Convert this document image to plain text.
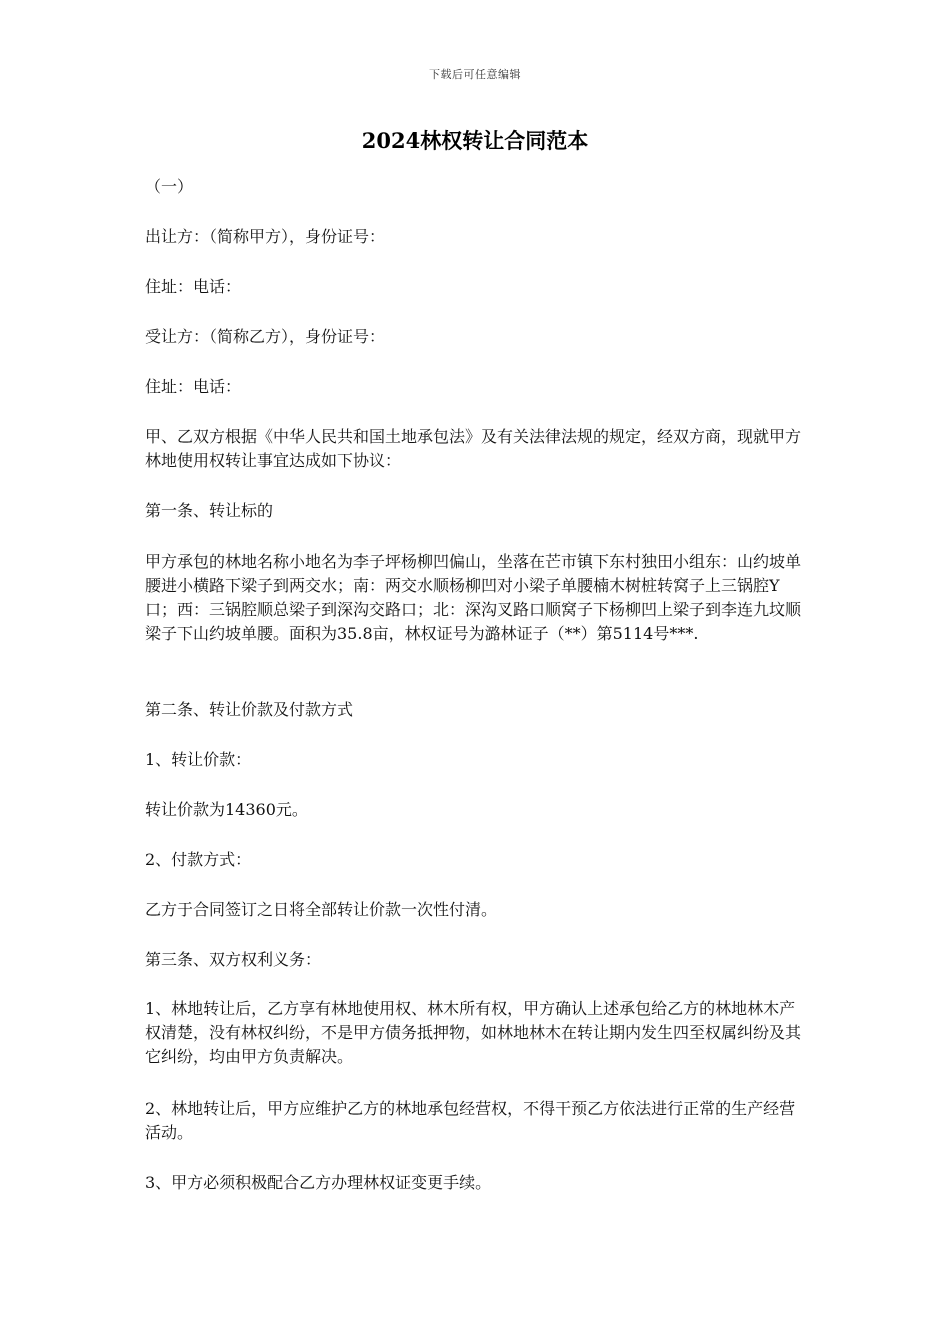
下载后可任意编辑
2024林权转让合同范本

（一）

出让方：（简称甲方），身份证号：

住址：电话：

受让方：（简称乙方），身份证号：

住址：电话：

甲、乙双方根据《中华人民共和国土地承包法》及有关法律法规的规定，经双方商，现就甲方林地使用权转让事宜达成如下协议：

第一条、转让标的

甲方承包的林地名称小地名为李子坪杨柳凹偏山，坐落在芒市镇下东村独田小组东：山约坡单腰进小横路下梁子到两交水；南：两交水顺杨柳凹对小梁子单腰楠木树桩转窝子上三锅腔Y口；西：三锅腔顺总梁子到深沟交路口；北：深沟叉路口顺窝子下杨柳凹上梁子到李连九坟顺梁子下山约坡单腰。面积为35.8亩，林权证号为潞林证子（**）第5114号***.

第二条、转让价款及付款方式

1、转让价款：

转让价款为14360元。

2、付款方式：

乙方于合同签订之日将全部转让价款一次性付清。

第三条、双方权利义务：

1、林地转让后，乙方享有林地使用权、林木所有权，甲方确认上述承包给乙方的林地林木产权清楚，没有林权纠纷，不是甲方债务抵押物，如林地林木在转让期内发生四至权属纠纷及其它纠纷，均由甲方负责解决。

2、林地转让后，甲方应维护乙方的林地承包经营权，不得干预乙方依法进行正常的生产经营活动。

3、甲方必须积极配合乙方办理林权证变更手续。
